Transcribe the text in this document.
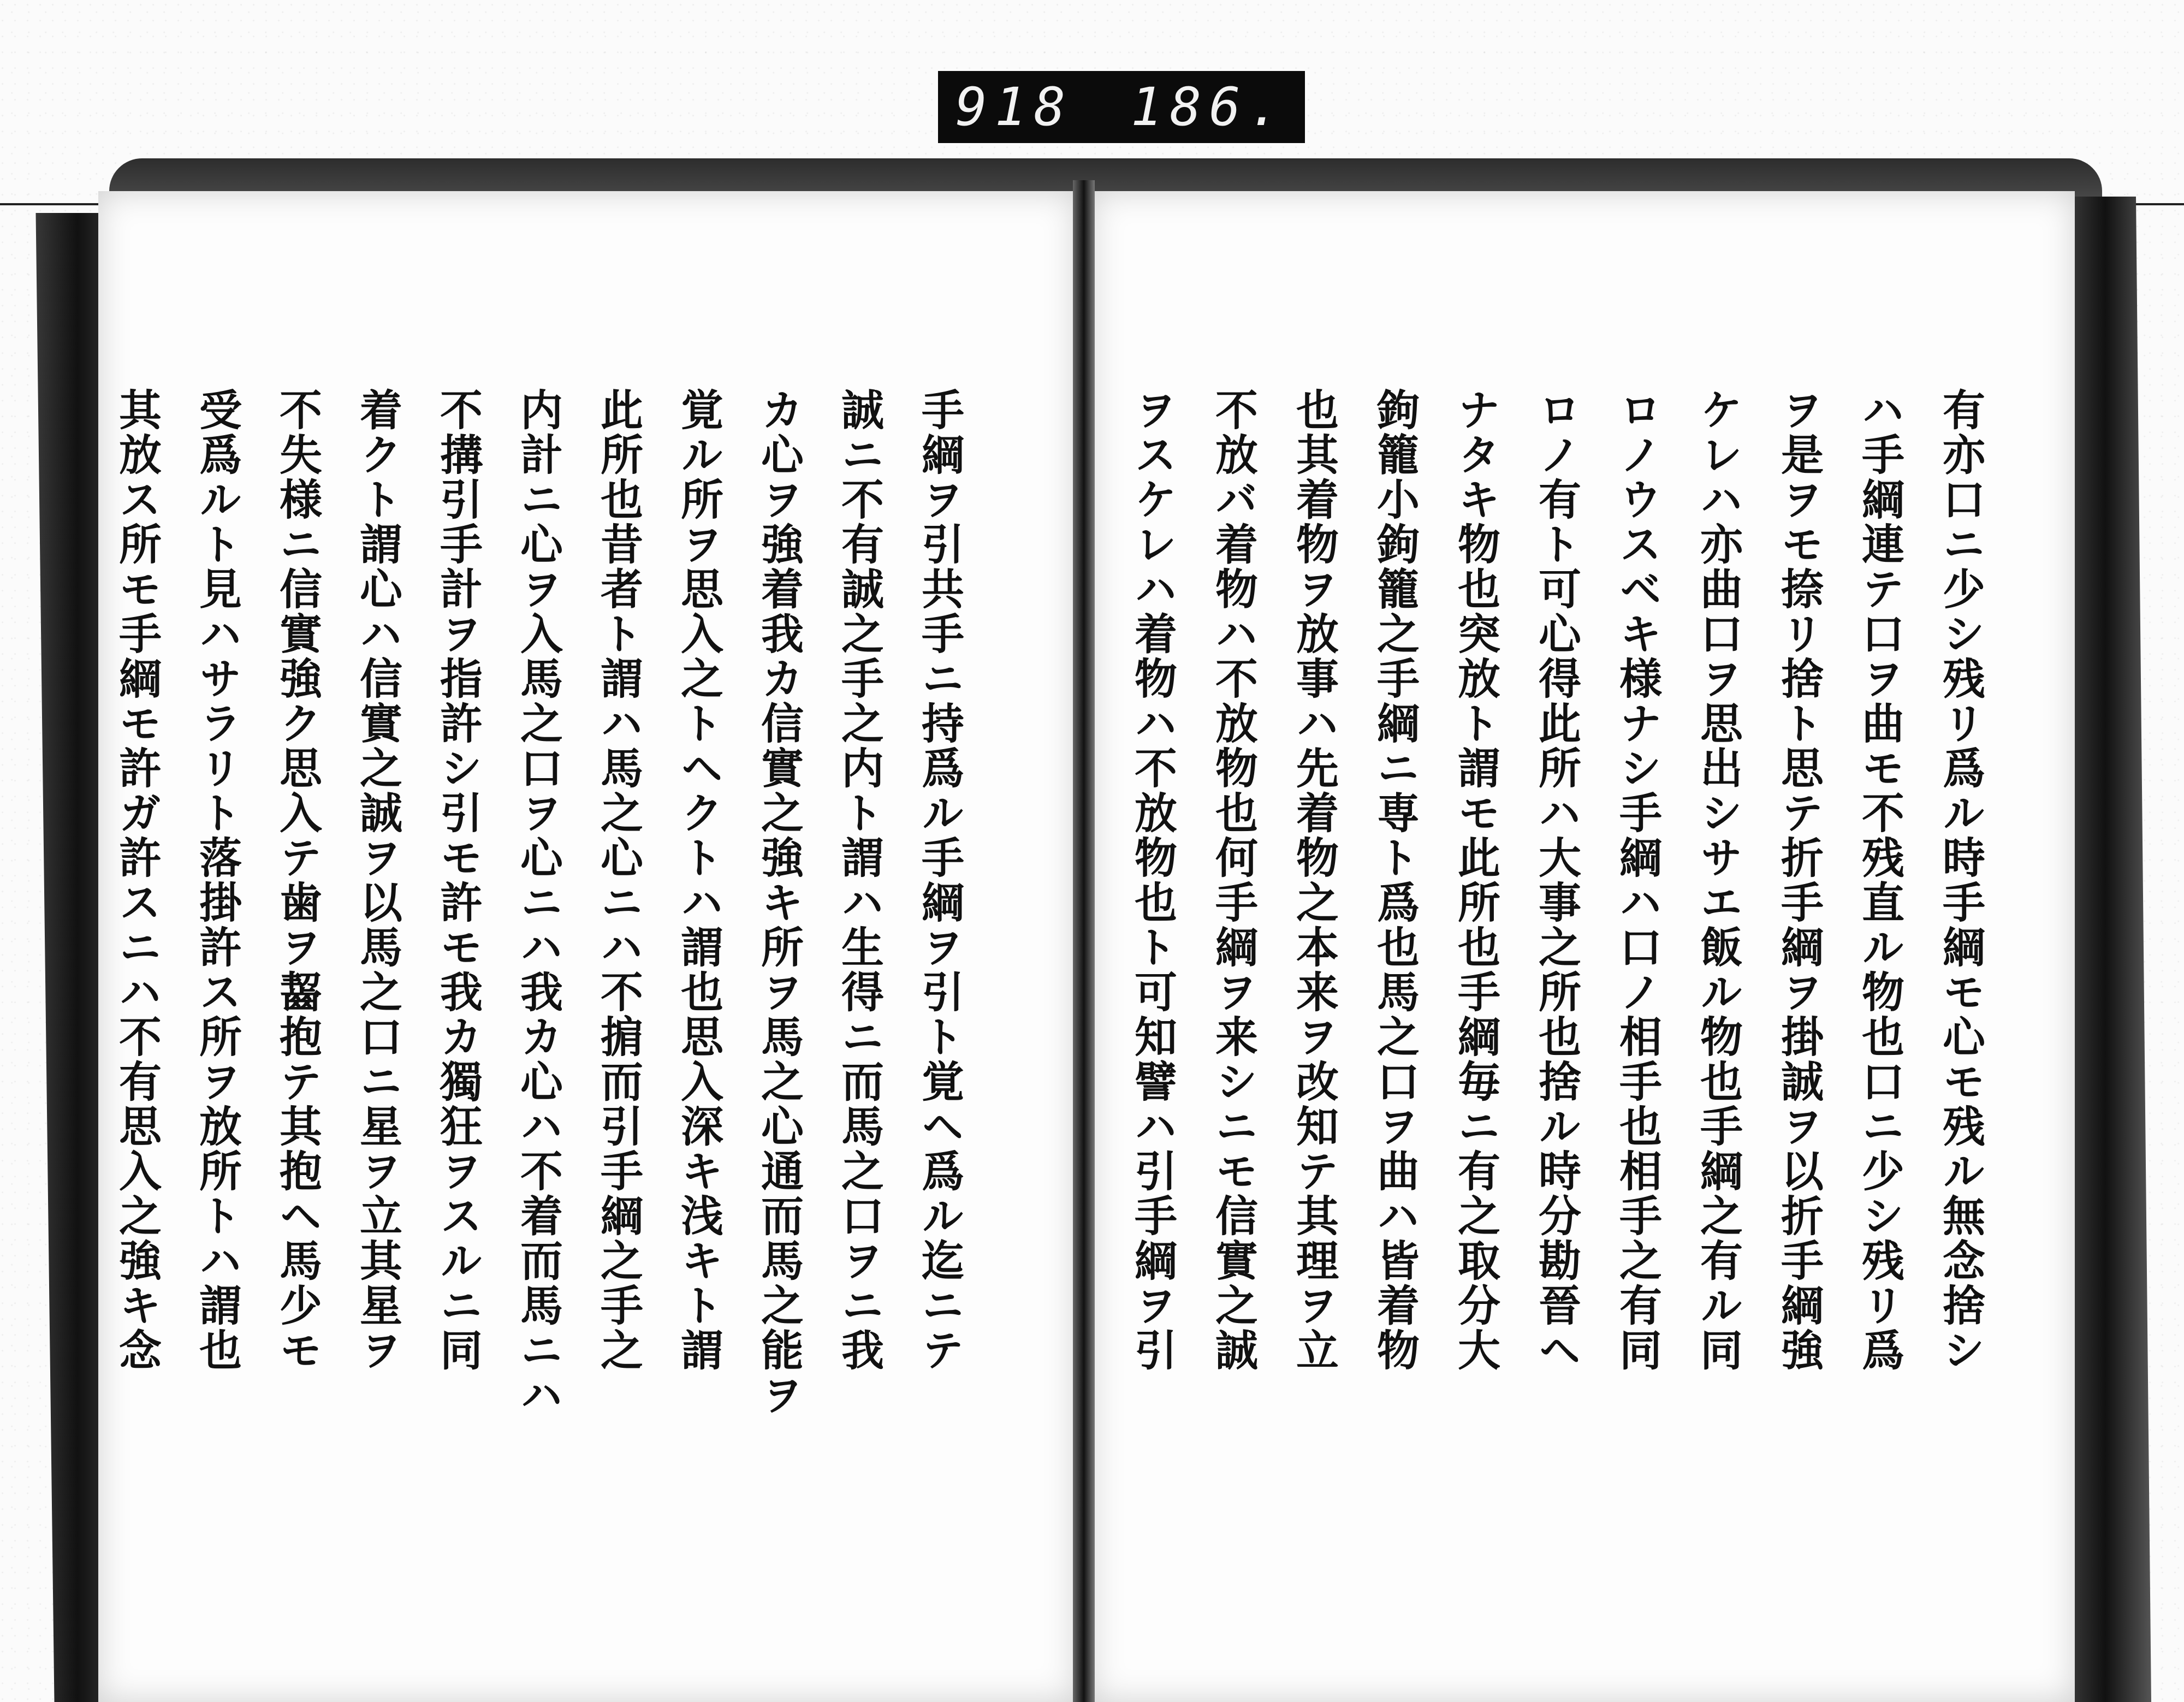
918 186.
有亦口ニ少シ残リ爲ル時手綱モ心モ残ル無念捨シ
ハ手綱連テ口ヲ曲モ不残直ル物也口ニ少シ残リ爲
ヲ是ヲモ捺リ捨ト思テ折手綱ヲ掛誠ヲ以折手綱強
ケレハ亦曲口ヲ思出シサエ飯ル物也手綱之有ル同
ロノウスベキ様ナシ手綱ハ口ノ相手也相手之有同
ロノ有ト可心得此所ハ大事之所也捨ル時分勘晉ヘ
ナタキ物也突放ト謂モ此所也手綱毎ニ有之取分大
鉤籠小鉤籠之手綱ニ専ト爲也馬之口ヲ曲ハ皆着物
也其着物ヲ放事ハ先着物之本来ヲ改知テ其理ヲ立
不放バ着物ハ不放物也何手綱ヲ来シニモ信實之誠
ヲスケレハ着物ハ不放物也ト可知譬ハ引手綱ヲ引
手綱ヲ引共手ニ持爲ル手綱ヲ引ト覚ヘ爲ル迄ニテ
誠ニ不有誠之手之内ト謂ハ生得ニ而馬之口ヲニ我
カ心ヲ強着我カ信實之強キ所ヲ馬之心通而馬之能ヲ
覚ル所ヲ思入之トヘクトハ謂也思入深キ浅キト謂
此所也昔者ト謂ハ馬之心ニハ不掮而引手綱之手之
内計ニ心ヲ入馬之口ヲ心ニハ我カ心ハ不着而馬ニハ
不搆引手計ヲ指許シ引モ許モ我カ獨狂ヲスルニ同
着クト謂心ハ信實之誠ヲ以馬之口ニ星ヲ立其星ヲ
不失様ニ信實強ク思入テ歯ヲ齧抱テ其抱ヘ馬少モ
受爲ルト見ハサラリト落掛許ス所ヲ放所トハ謂也
其放ス所モ手綱モ許ガ許スニハ不有思入之強キ念
